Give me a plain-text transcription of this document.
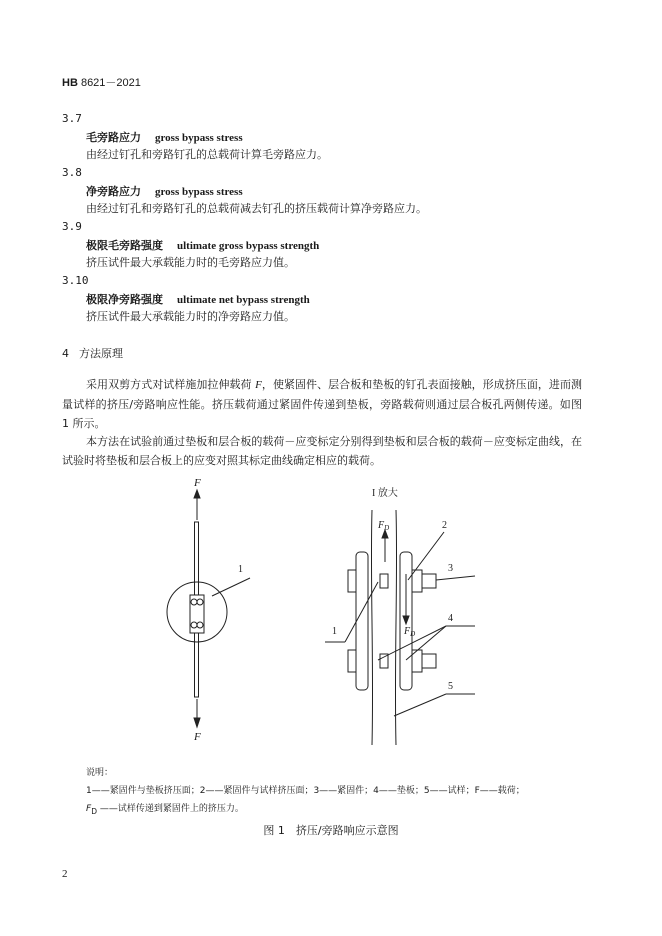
HB 8621－2021
3.7
毛旁路应力 gross bypass stress
由经过钉孔和旁路钉孔的总载荷计算毛旁路应力。
3.8
净旁路应力 gross bypass stress
由经过钉孔和旁路钉孔的总载荷减去钉孔的挤压载荷计算净旁路应力。
3.9
极限毛旁路强度 ultimate gross bypass strength
挤压试件最大承载能力时的毛旁路应力值。
3.10
极限净旁路强度 ultimate net bypass strength
挤压试件最大承载能力时的净旁路应力值。
4 方法原理
采用双剪方式对试样施加拉伸载荷 F，使紧固件、层合板和垫板的钉孔表面接触，形成挤压面，进而测量试样的挤压/旁路响应性能。挤压载荷通过紧固件传递到垫板，旁路载荷则通过层合板孔两侧传递。如图 1 所示。
本方法在试验前通过垫板和层合板的载荷－应变标定分别得到垫板和层合板的载荷－应变标定曲线，在试验时将垫板和层合板上的应变对照其标定曲线确定相应的载荷。
F
F
1
I 放大
$F_D$
$F_D$
2
3
4
1
5
说明：
1——紧固件与垫板挤压面；2——紧固件与试样挤压面；3——紧固件；4——垫板；5——试样；F——载荷；
$F_D$ ——试样传递到紧固件上的挤压力。
图 1　挤压/旁路响应示意图
2
